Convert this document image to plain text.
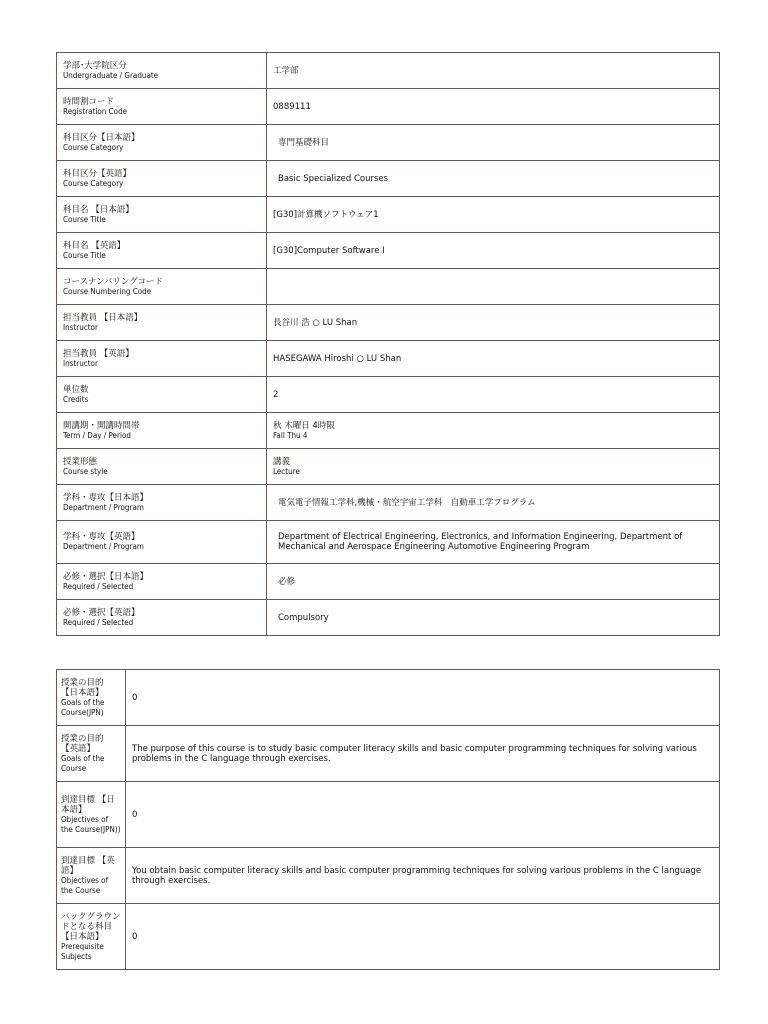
学部･大学院区分
Undergraduate / Graduate	工学部

時間割コード
Registration Code	0889111

科目区分【日本語】
Course Category	専門基礎科目

科目区分【英語】
Course Category	Basic Specialized Courses

科目名 【日本語】
Course Title	[G30]計算機ソフトウェア1

科目名 【英語】
Course Title	[G30]Computer Software I

コースナンバリングコード
Course Numbering Code	

担当教員 【日本語】
Instructor	長谷川 浩 ○ LU Shan

担当教員 【英語】
Instructor	HASEGAWA Hiroshi ○ LU Shan

単位数
Credits	2

開講期・開講時間帯
Term / Day / Period	秋 木曜日 4時限
Fall Thu 4

授業形態
Course style	講義
Lecture

学科・専攻【日本語】
Department / Program	電気電子情報工学科,機械・航空宇宙工学科　自動車工学プログラム

学科・専攻【英語】
Department / Program	Department of Electrical Engineering, Electronics, and Information Engineering, Department of Mechanical and Aerospace Engineering Automotive Engineering Program

必修・選択【日本語】
Required / Selected	必修

必修・選択【英語】
Required / Selected	Compulsory
授業の目的
【日本語】
Goals of the Course(JPN)	0

授業の目的
【英語】
Goals of the Course	The purpose of this course is to study basic computer literacy skills and basic computer programming techniques for solving various problems in the C language through exercises.

到達目標 【日本語】
Objectives of the Course(JPN))	0

到達目標 【英語】
Objectives of the Course	You obtain basic computer literacy skills and basic computer programming techniques for solving various problems in the C language through exercises.

バックグラウンドとなる科目【日本語】
Prerequisite Subjects	0
